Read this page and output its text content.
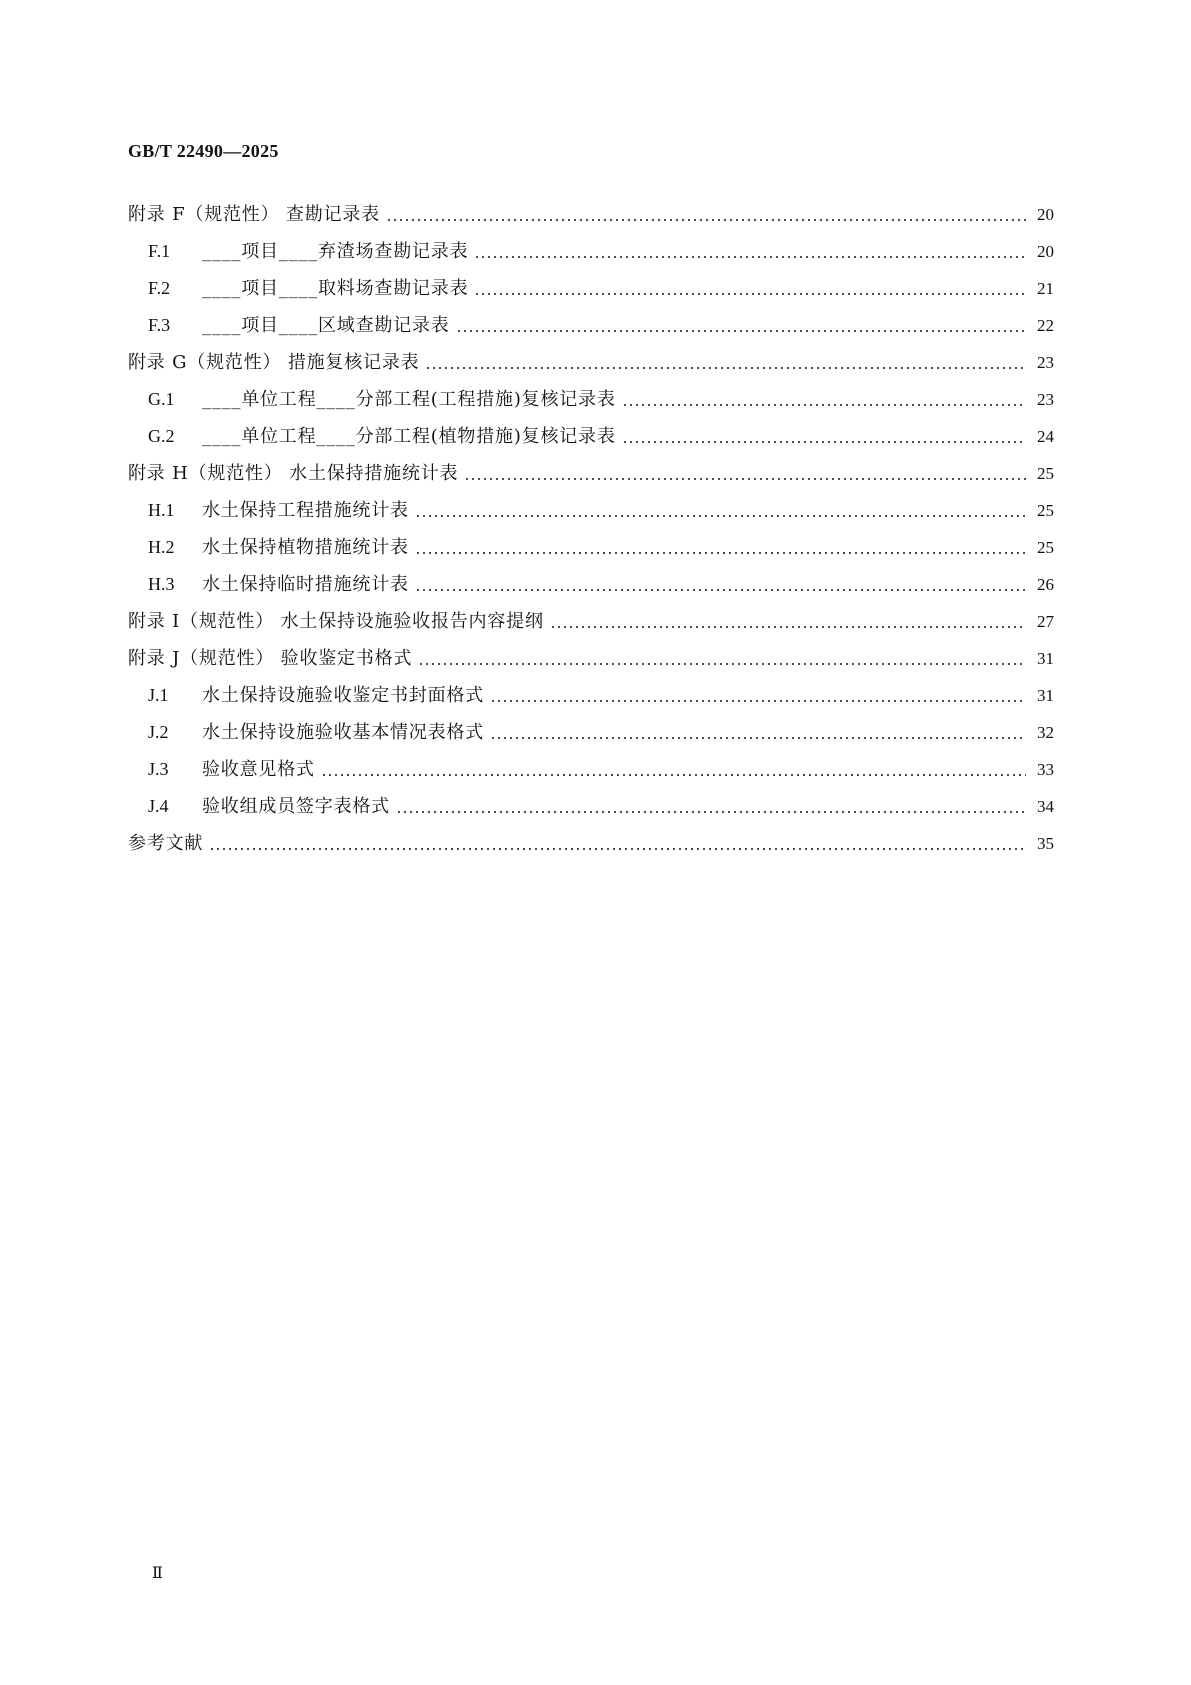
GB/T 22490—2025
附录 F（规范性） 查勘记录表	20
F.1	____项目____弃渣场查勘记录表	20
F.2	____项目____取料场查勘记录表	21
F.3	____项目____区域查勘记录表	22
附录 G（规范性） 措施复核记录表	23
G.1	____单位工程____分部工程(工程措施)复核记录表	23
G.2	____单位工程____分部工程(植物措施)复核记录表	24
附录 H（规范性） 水土保持措施统计表	25
H.1	水土保持工程措施统计表	25
H.2	水土保持植物措施统计表	25
H.3	水土保持临时措施统计表	26
附录 I（规范性） 水土保持设施验收报告内容提纲	27
附录 J（规范性） 验收鉴定书格式	31
J.1	水土保持设施验收鉴定书封面格式	31
J.2	水土保持设施验收基本情况表格式	32
J.3	验收意见格式	33
J.4	验收组成员签字表格式	34
参考文献	35
Ⅱ
